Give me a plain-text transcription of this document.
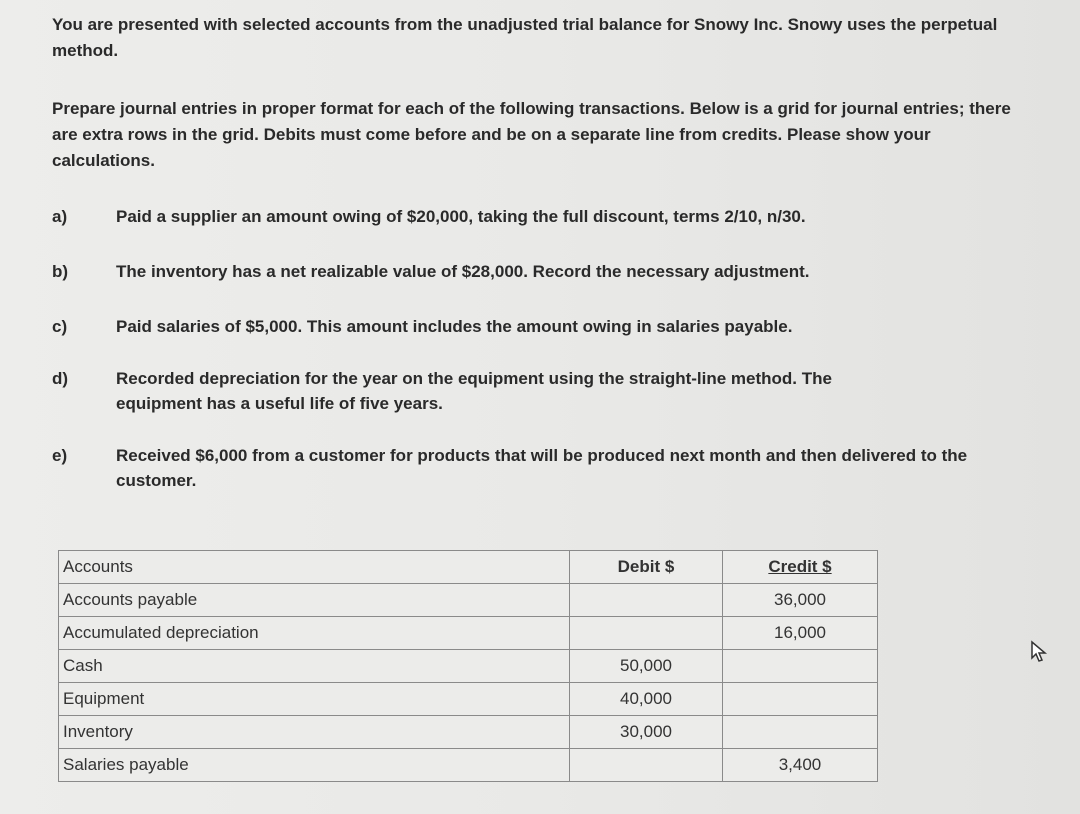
You are presented with selected accounts from the unadjusted trial balance for Snowy Inc. Snowy uses the perpetual method.

Prepare journal entries in proper format for each of the following transactions. Below is a grid for journal entries; there are extra rows in the grid. Debits must come before and be on a separate line from credits. Please show your calculations.

a)	Paid a supplier an amount owing of $20,000, taking the full discount, terms 2/10, n/30.
b)	The inventory has a net realizable value of $28,000. Record the necessary adjustment.
c)	Paid salaries of $5,000. This amount includes the amount owing in salaries payable.
d)	Recorded depreciation for the year on the equipment using the straight-line method. The equipment has a useful life of five years.
e)	Received $6,000 from a customer for products that will be produced next month and then delivered to the customer.
Accounts	Debit $	Credit $
Accounts payable		36,000
Accumulated depreciation		16,000
Cash	50,000	
Equipment	40,000	
Inventory	30,000	
Salaries payable		3,400
